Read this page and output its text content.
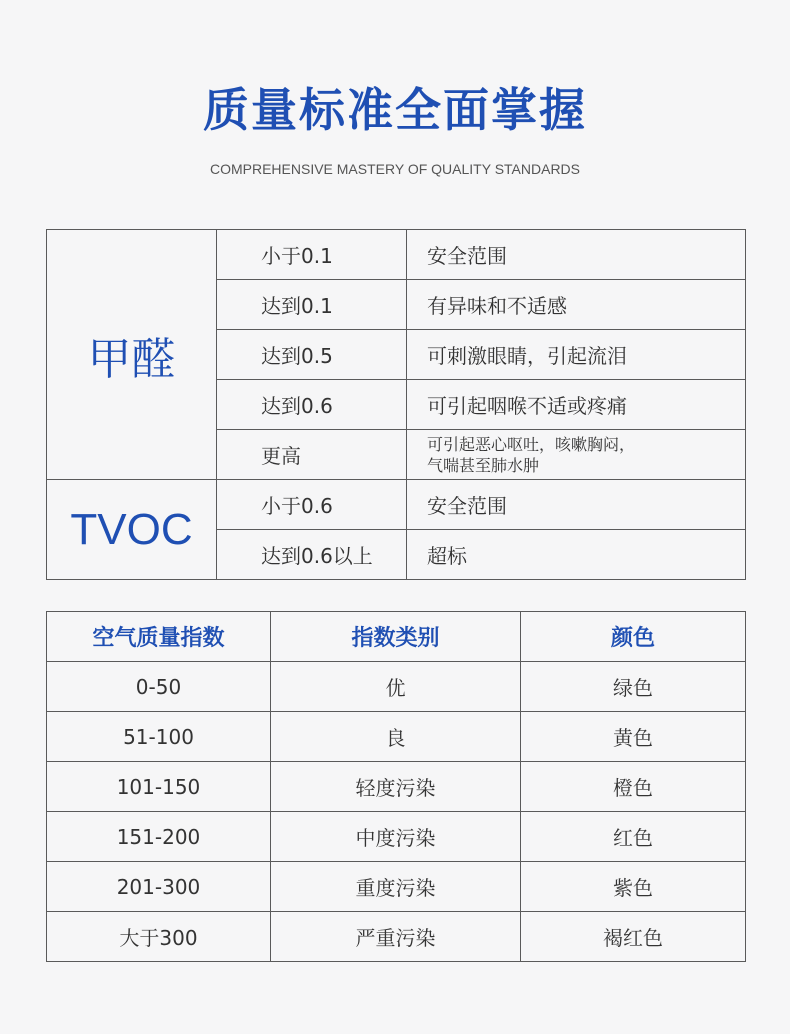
质量标准全面掌握
COMPREHENSIVE MASTERY OF QUALITY STANDARDS
甲醛	小于0.1	安全范围
	达到0.1	有异味和不适感
	达到0.5	可刺激眼睛，引起流泪
	达到0.6	可引起咽喉不适或疼痛
	更高	可引起恶心呕吐，咳嗽胸闷，
气喘甚至肺水肿

TVOC	小于0.6	安全范围
	达到0.6以上	超标
空气质量指数	指数类别	颜色
0-50	优	绿色
51-100	良	黄色
101-150	轻度污染	橙色
151-200	中度污染	红色
201-300	重度污染	紫色
大于300	严重污染	褐红色
